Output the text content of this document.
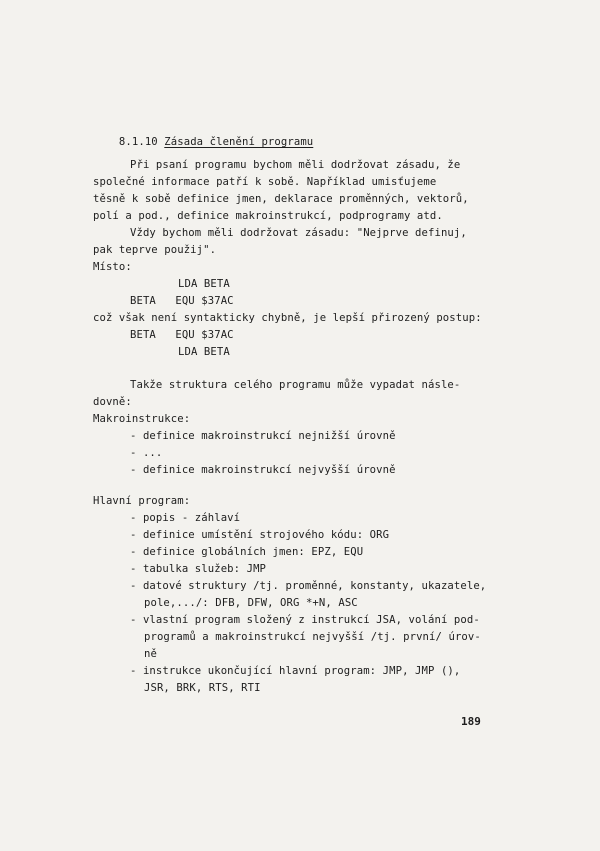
8.1.10 Zásada členění programu

Při psaní programu bychom měli dodržovat zásadu, že
společné informace patří k sobě. Například umisťujeme
těsně k sobě definice jmen, deklarace proměnných, vektorů,
polí a pod., definice makroinstrukcí, podprogramy atd.
Vždy bychom měli dodržovat zásadu: "Nejprve definuj,
pak teprve použij".
Místo:
LDA BETA
BETA   EQU $37AC
což však není syntakticky chybně, je lepší přirozený postup:
BETA   EQU $37AC
LDA BETA
Takže struktura celého programu může vypadat násle-
dovně:
Makroinstrukce:
- definice makroinstrukcí nejnižší úrovně
- ...
- definice makroinstrukcí nejvyšší úrovně
Hlavní program:
- popis - záhlaví
- definice umístění strojového kódu: ORG
- definice globálních jmen: EPZ, EQU
- tabulka služeb: JMP
- datové struktury /tj. proměnné, konstanty, ukazatele,
pole,.../: DFB, DFW, ORG *+N, ASC
- vlastní program složený z instrukcí JSA, volání pod-
programů a makroinstrukcí nejvyšší /tj. první/ úrov-
ně
- instrukce ukončující hlavní program: JMP, JMP (),
JSR, BRK, RTS, RTI
189
